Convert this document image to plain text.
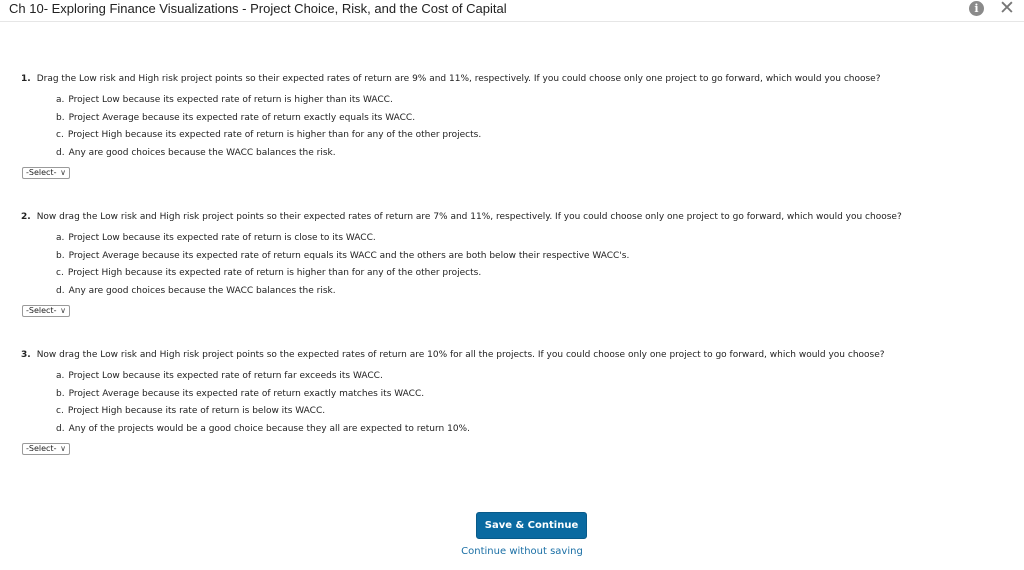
Ch 10- Exploring Finance Visualizations - Project Choice, Risk, and the Cost of Capital	i ✕
1. Drag the Low risk and High risk project points so their expected rates of return are 9% and 11%, respectively. If you could choose only one project to go forward, which would you choose?
a. Project Low because its expected rate of return is higher than its WACC.
b. Project Average because its expected rate of return exactly equals its WACC.
c. Project High because its expected rate of return is higher than for any of the other projects.
d. Any are good choices because the WACC balances the risk.
-Select- ∨
2. Now drag the Low risk and High risk project points so their expected rates of return are 7% and 11%, respectively. If you could choose only one project to go forward, which would you choose?
a. Project Low because its expected rate of return is close to its WACC.
b. Project Average because its expected rate of return equals its WACC and the others are both below their respective WACC's.
c. Project High because its expected rate of return is higher than for any of the other projects.
d. Any are good choices because the WACC balances the risk.
-Select- ∨
3. Now drag the Low risk and High risk project points so the expected rates of return are 10% for all the projects. If you could choose only one project to go forward, which would you choose?
a. Project Low because its expected rate of return far exceeds its WACC.
b. Project Average because its expected rate of return exactly matches its WACC.
c. Project High because its rate of return is below its WACC.
d. Any of the projects would be a good choice because they all are expected to return 10%.
-Select- ∨
Save & Continue
Continue without saving
